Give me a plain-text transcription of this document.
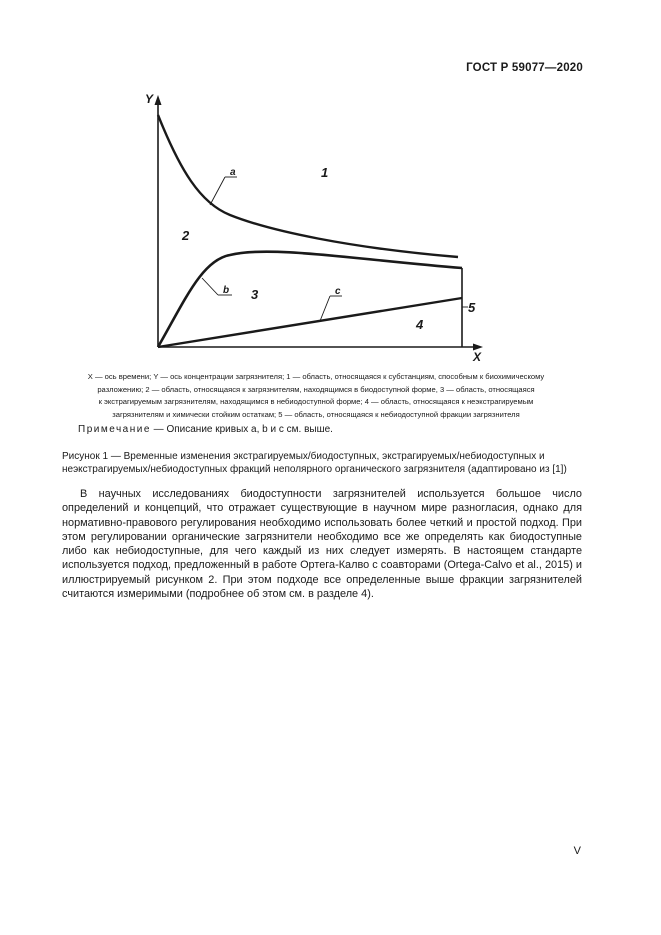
ГОСТ Р 59077—2020
Y
X
1
2
3
4
5
a
b	c
X — ось времени; Y — ось концентрации загрязнителя; 1 — область, относящаяся к субстанциям, способным к биохимическому
разложению; 2 — область, относящаяся к загрязнителям, находящимся в биодоступной форме, 3 — область, относящаяся
к экстрагируемым загрязнителям, находящимся в небиодоступной форме; 4 — область, относящаяся к неэкстрагируемым
загрязнителям и химически стойким остаткам; 5 — область, относящаяся к небиодоступной фракции загрязнителя
Примечание — Описание кривых a, b и c см. выше.
Рисунок 1 — Временные изменения экстрагируемых/биодоступных, экстрагируемых/небиодоступных и
неэкстрагируемых/небиодоступных фракций неполярного органического загрязнителя (адаптировано из [1])

В научных исследованиях биодоступности загрязнителей используется большое число определений и концепций, что отражает существующие в научном мире разногласия, однако для нормативно-правового регулирования необходимо использовать более четкий и простой подход. При этом регулировании органические загрязнители необходимо все же определять как биодоступные либо как небиодоступные, для чего каждый из них следует измерять. В настоящем стандарте используется подход, предложенный в работе Ортега-Калво с соавторами (Ortega-Calvo et al., 2015) и иллюстрируемый рисунком 2. При этом подходе все определенные выше фракции загрязнителей считаются измеримыми (подробнее об этом см. в разделе 4).

V
